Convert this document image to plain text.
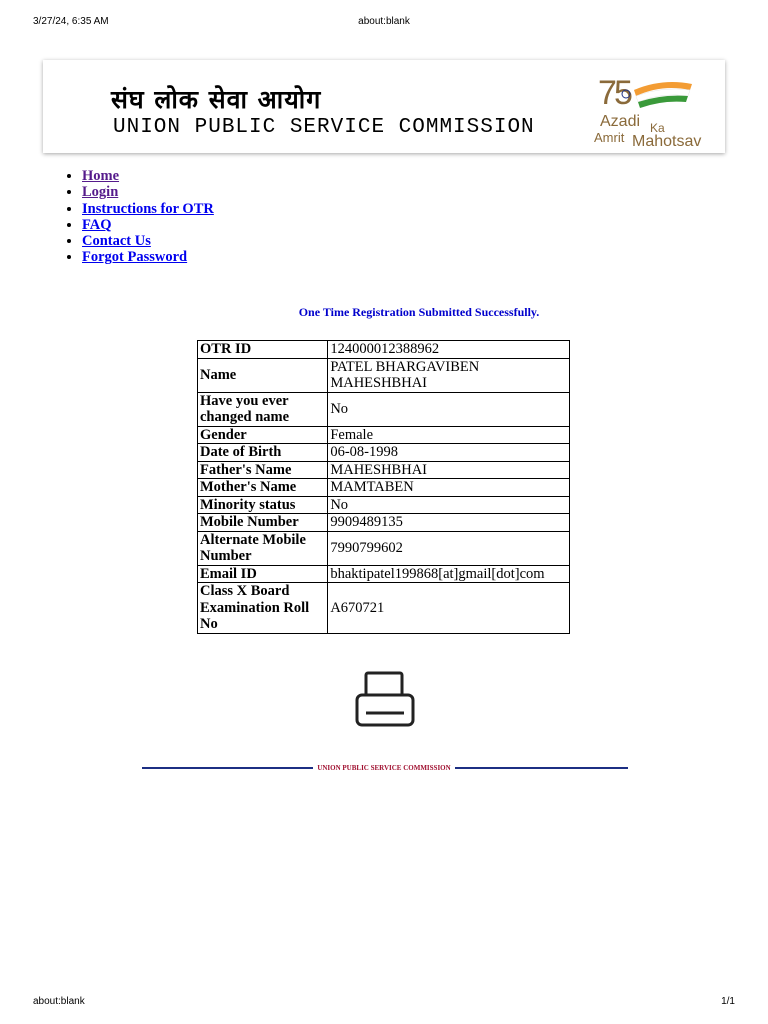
3/27/24, 6:35 AM	about:blank
संघ लोक सेवा आयोग
UNION PUBLIC SERVICE COMMISSION
7
5
Azadi Ka
Amrit Mahotsav
• Home
• Login
• Instructions for OTR
• FAQ
• Contact Us
• Forgot Password
One Time Registration Submitted Successfully.
OTR ID	124000012388962
Name	PATEL BHARGAVIBEN MAHESHBHAI
Have you ever changed name	No
Gender	Female
Date of Birth	06-08-1998
Father's Name	MAHESHBHAI
Mother's Name	MAMTABEN
Minority status	No
Mobile Number	9909489135
Alternate Mobile Number	7990799602
Email ID	bhaktipatel199868[at]gmail[dot]com
Class X Board Examination Roll No	A670721
UNION PUBLIC SERVICE COMMISSION
about:blank	1/1
